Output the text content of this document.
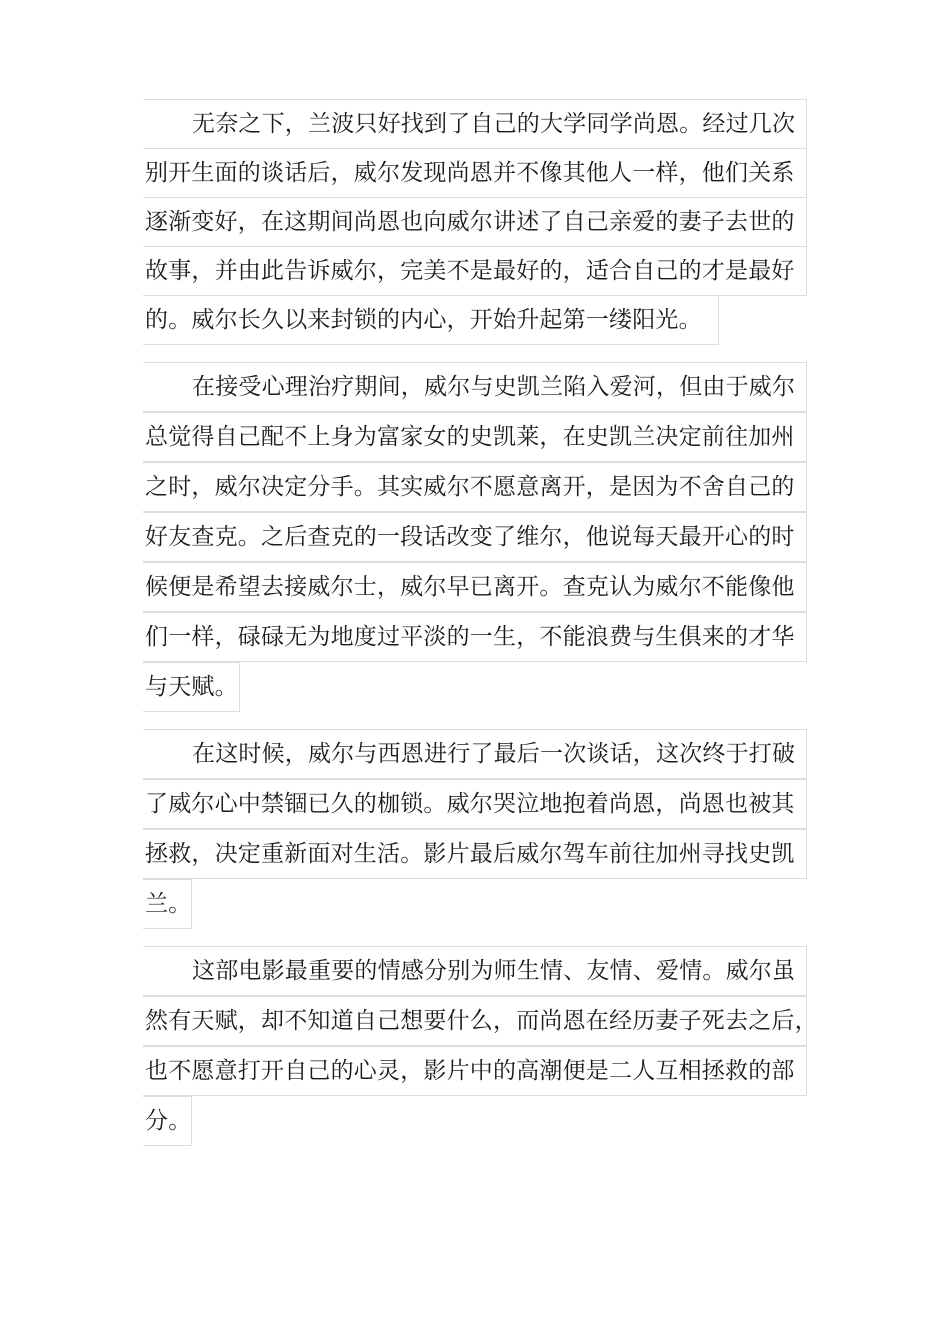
无奈之下，兰波只好找到了自己的大学同学尚恩。经过几次
别开生面的谈话后，威尔发现尚恩并不像其他人一样，他们关系
逐渐变好，在这期间尚恩也向威尔讲述了自己亲爱的妻子去世的
故事，并由此告诉威尔，完美不是最好的，适合自己的才是最好
的。威尔长久以来封锁的内心，开始升起第一缕阳光。
在接受心理治疗期间，威尔与史凯兰陷入爱河，但由于威尔
总觉得自己配不上身为富家女的史凯莱，在史凯兰决定前往加州
之时，威尔决定分手。其实威尔不愿意离开，是因为不舍自己的
好友查克。之后查克的一段话改变了维尔，他说每天最开心的时
候便是希望去接威尔士，威尔早已离开。查克认为威尔不能像他
们一样，碌碌无为地度过平淡的一生，不能浪费与生俱来的才华
与天赋。
在这时候，威尔与西恩进行了最后一次谈话，这次终于打破
了威尔心中禁锢已久的枷锁。威尔哭泣地抱着尚恩，尚恩也被其
拯救，决定重新面对生活。影片最后威尔驾车前往加州寻找史凯
兰。
这部电影最重要的情感分别为师生情、友情、爱情。威尔虽
然有天赋，却不知道自己想要什么，而尚恩在经历妻子死去之后，
也不愿意打开自己的心灵，影片中的高潮便是二人互相拯救的部
分。
